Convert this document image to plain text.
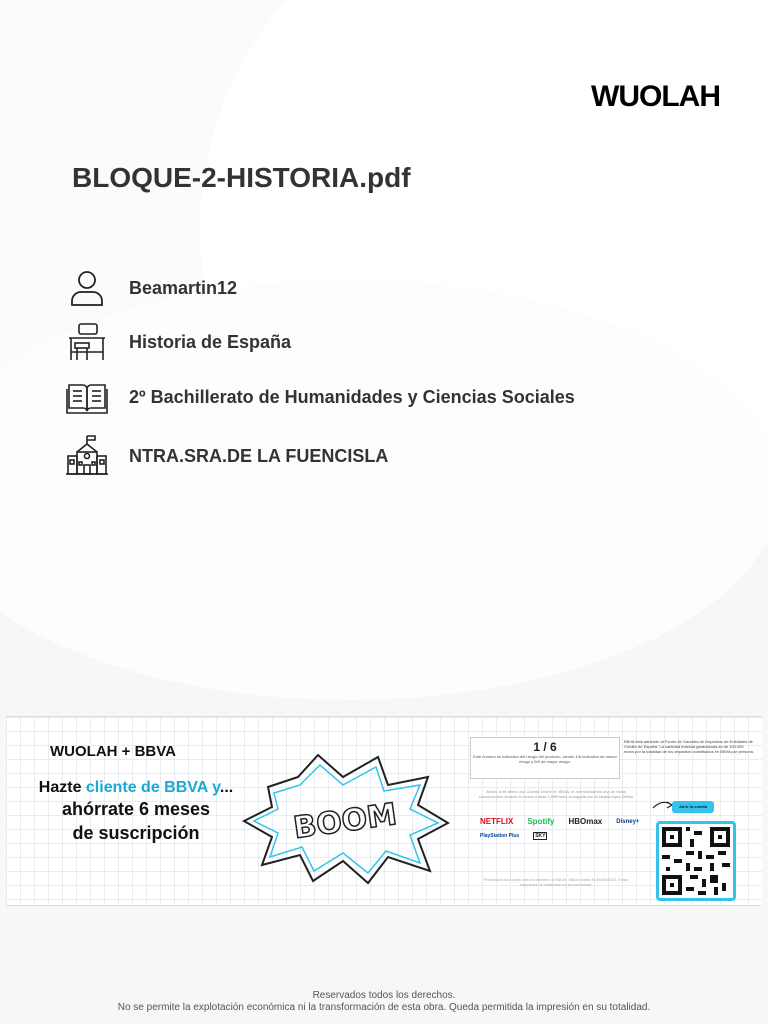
WUOLAH
BLOQUE-2-HISTORIA.pdf
Beamartin12
Historia de España
2º Bachillerato de Humanidades y Ciencias Sociales
NTRA.SRA.DE LA FUENCISLA
WUOLAH + BBVA
Hazte cliente de BBVA y...
ahórrate 6 meses
de suscripción	BOOM
1 / 6
Este número es indicativo del riesgo del producto, siendo 1/6 indicativo de menor riesgo y 6/6 de mayor riesgo.
BBVA está adherido al Fondo de Garantía de Depósitos de Entidades de Crédito de España. La cantidad máxima garantizada es de 100.000 euros por la totalidad de los depósitos constituidos en BBVA por persona.
Ahora, si te abres una Cuenta Online en BBVA, te reembolsamos una de estas suscripciones durante 6 meses (hasta 9,99€/mes) al pagarla con tu tarjeta Aqua Débito
NETFLIX Spotify HBOmax Disney+
PlayStation Plus	SKY
Promoción solo para nuevos clientes de BBVA. Válida hasta el 30/06/2023. Estas empresas no colaboran en la promoción.
Abrir la cuenta
Reservados todos los derechos.
No se permite la explotación económica ni la transformación de esta obra. Queda permitida la impresión en su totalidad.
